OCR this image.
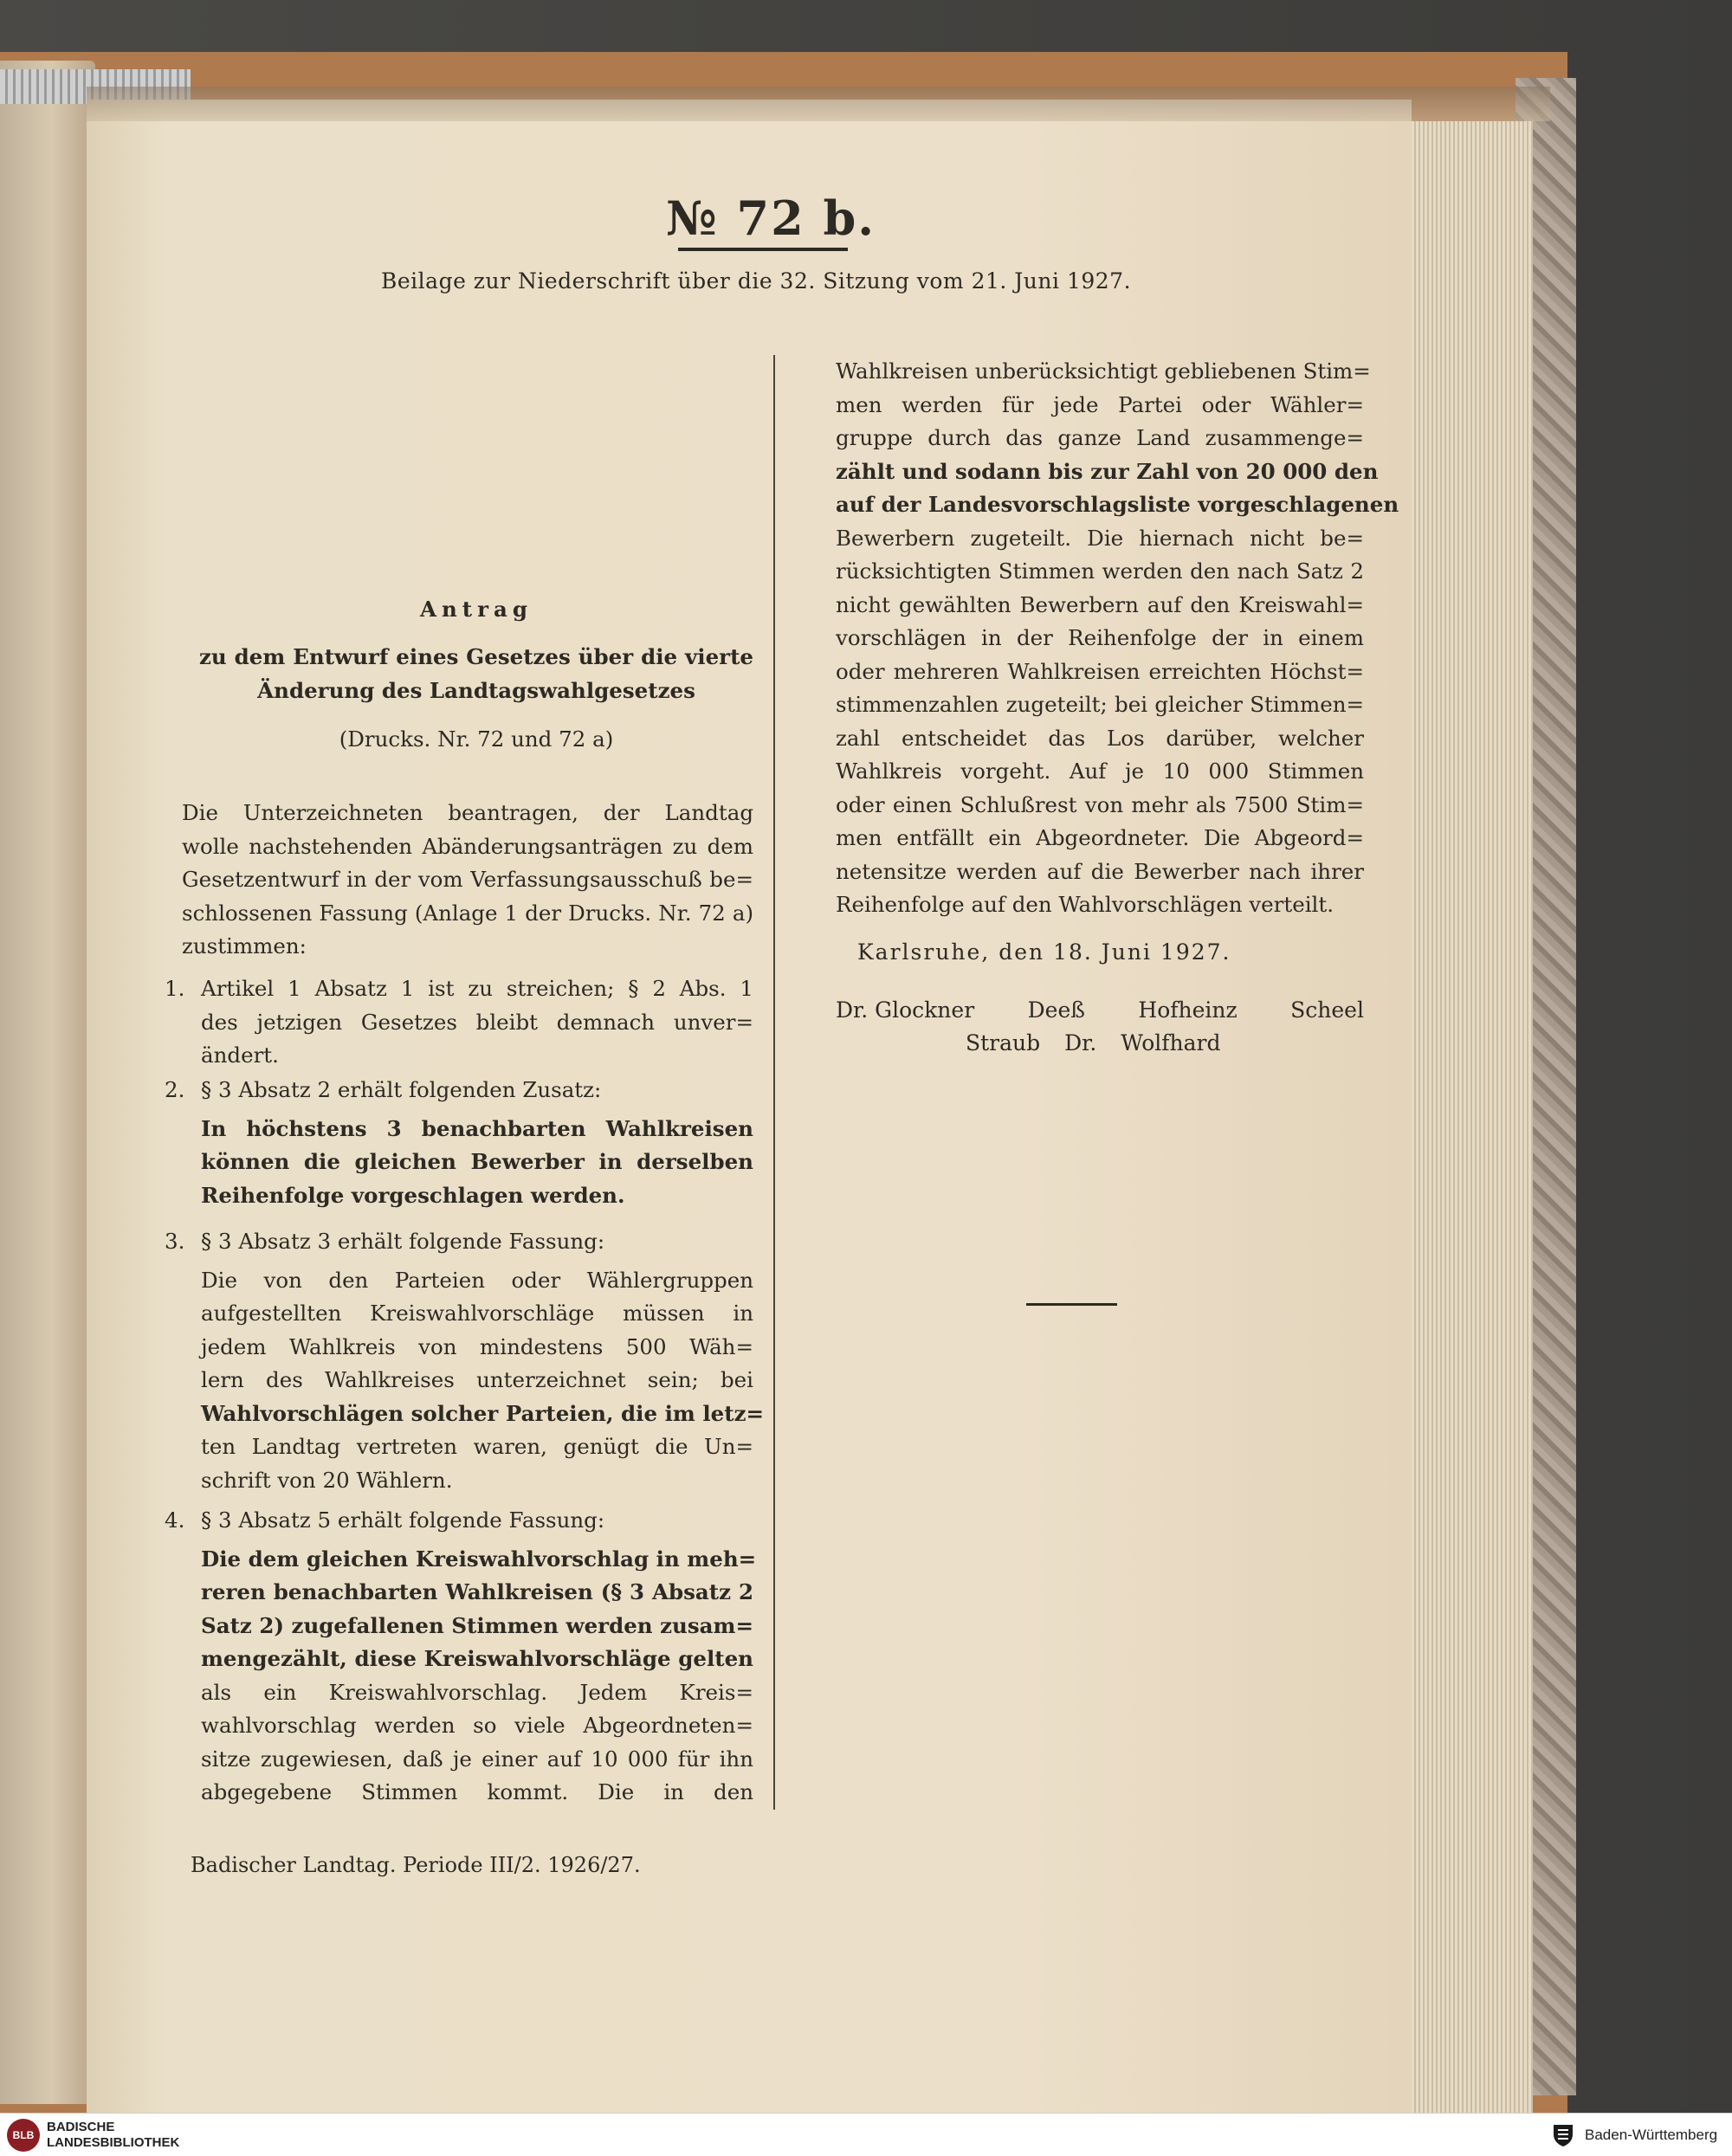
№ 72 b.
Beilage zur Niederschrift über die 32. Sitzung vom 21. Juni 1927.
Antrag
zu dem Entwurf eines Gesetzes über die vierte
Änderung des Landtagswahlgesetzes
(Drucks. Nr. 72 und 72 a)
Die Unterzeichneten beantragen, der Landtag
wolle nachstehenden Abänderungsanträgen zu dem
Gesetzentwurf in der vom Verfassungsausschuß be=
schlossenen Fassung (Anlage 1 der Drucks. Nr. 72 a)
zustimmen:
1. Artikel 1 Absatz 1 ist zu streichen; § 2 Abs. 1
des jetzigen Gesetzes bleibt demnach unver=
ändert.
2. § 3 Absatz 2 erhält folgenden Zusatz:
In höchstens 3 benachbarten Wahlkreisen
können die gleichen Bewerber in derselben
Reihenfolge vorgeschlagen werden.
3. § 3 Absatz 3 erhält folgende Fassung:
Die von den Parteien oder Wählergruppen
aufgestellten Kreiswahlvorschläge müssen in
jedem Wahlkreis von mindestens 500 Wäh=
lern des Wahlkreises unterzeichnet sein; bei
Wahlvorschlägen solcher Parteien, die im letz=
ten Landtag vertreten waren, genügt die Un=
schrift von 20 Wählern.
4. § 3 Absatz 5 erhält folgende Fassung:
Die dem gleichen Kreiswahlvorschlag in meh=
reren benachbarten Wahlkreisen (§ 3 Absatz 2
Satz 2) zugefallenen Stimmen werden zusam=
mengezählt, diese Kreiswahlvorschläge gelten
als ein Kreiswahlvorschlag. Jedem Kreis=
wahlvorschlag werden so viele Abgeordneten=
sitze zugewiesen, daß je einer auf 10 000 für ihn
abgegebene Stimmen kommt. Die in den
Badischer Landtag. Periode III/2. 1926/27.
Wahlkreisen unberücksichtigt gebliebenen Stim=
men werden für jede Partei oder Wähler=
gruppe durch das ganze Land zusammenge=
zählt und sodann bis zur Zahl von 20 000 den
auf der Landesvorschlagsliste vorgeschlagenen
Bewerbern zugeteilt. Die hiernach nicht be=
rücksichtigten Stimmen werden den nach Satz 2
nicht gewählten Bewerbern auf den Kreiswahl=
vorschlägen in der Reihenfolge der in einem
oder mehreren Wahlkreisen erreichten Höchst=
stimmenzahlen zugeteilt; bei gleicher Stimmen=
zahl entscheidet das Los darüber, welcher
Wahlkreis vorgeht. Auf je 10 000 Stimmen
oder einen Schlußrest von mehr als 7500 Stim=
men entfällt ein Abgeordneter. Die Abgeord=
netensitze werden auf die Bewerber nach ihrer
Reihenfolge auf den Wahlvorschlägen verteilt.
Karlsruhe, den 18. Juni 1927.
Dr. Glockner Deeß Hofheinz Scheel
Straub Dr. Wolfhard
BLB
BADISCHE
LANDESBIBLIOTHEK	Baden-Württemberg
